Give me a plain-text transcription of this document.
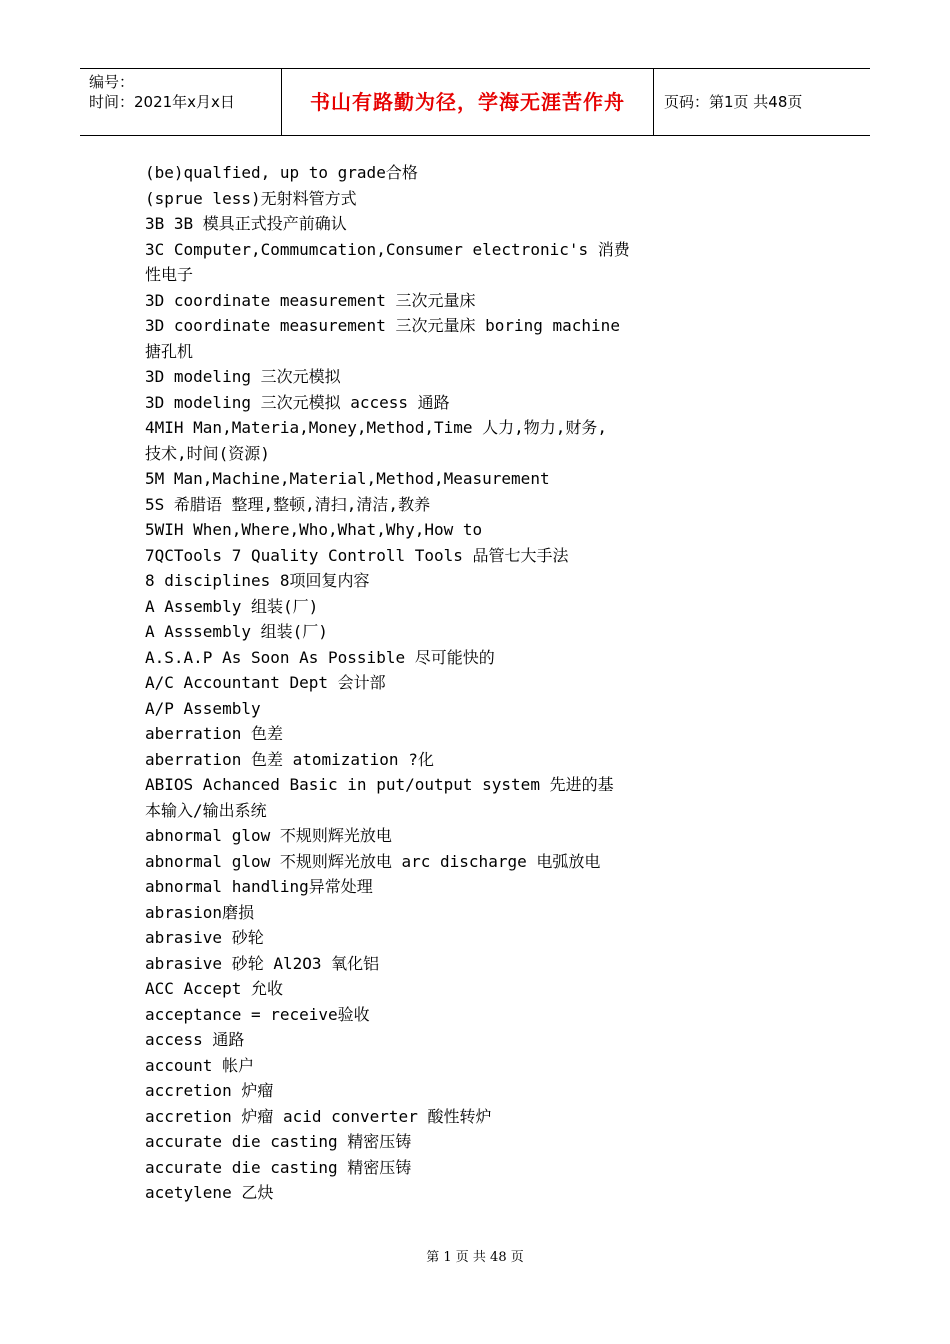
编号：
时间：2021年x月x日	书山有路勤为径，学海无涯苦作舟	页码：第1页 共48页
(be)qualfied, up to grade合格
(sprue less)无射料管方式
3B 3B 模具正式投产前确认
3C Computer,Commumcation,Consumer electronic's 消费
性电子
3D coordinate measurement 三次元量床
3D coordinate measurement 三次元量床 boring machine
搪孔机
3D modeling 三次元模拟
3D modeling 三次元模拟 access 通路
4MIH Man,Materia,Money,Method,Time 人力,物力,财务,
技术,时间(资源)
5M Man,Machine,Material,Method,Measurement
5S 希腊语 整理,整顿,清扫,清洁,教养
5WIH When,Where,Who,What,Why,How to
7QCTools 7 Quality Controll Tools 品管七大手法
8 disciplines 8项回复内容
A Assembly 组装(厂)
A Asssembly 组装(厂)
A.S.A.P As Soon As Possible 尽可能快的
A/C Accountant Dept 会计部
A/P Assembly
aberration 色差
aberration 色差 atomization ?化
ABIOS Achanced Basic in put/output system 先进的基
本输入/输出系统
abnormal glow 不规则辉光放电
abnormal glow 不规则辉光放电 arc discharge 电弧放电
abnormal handling异常处理
abrasion磨损
abrasive 砂轮
abrasive 砂轮 Al2O3 氧化铝
ACC Accept 允收
acceptance = receive验收
access 通路
account 帐户
accretion 炉瘤
accretion 炉瘤 acid converter 酸性转炉
accurate die casting 精密压铸
accurate die casting 精密压铸
acetylene 乙炔
第 1 页 共 48 页
